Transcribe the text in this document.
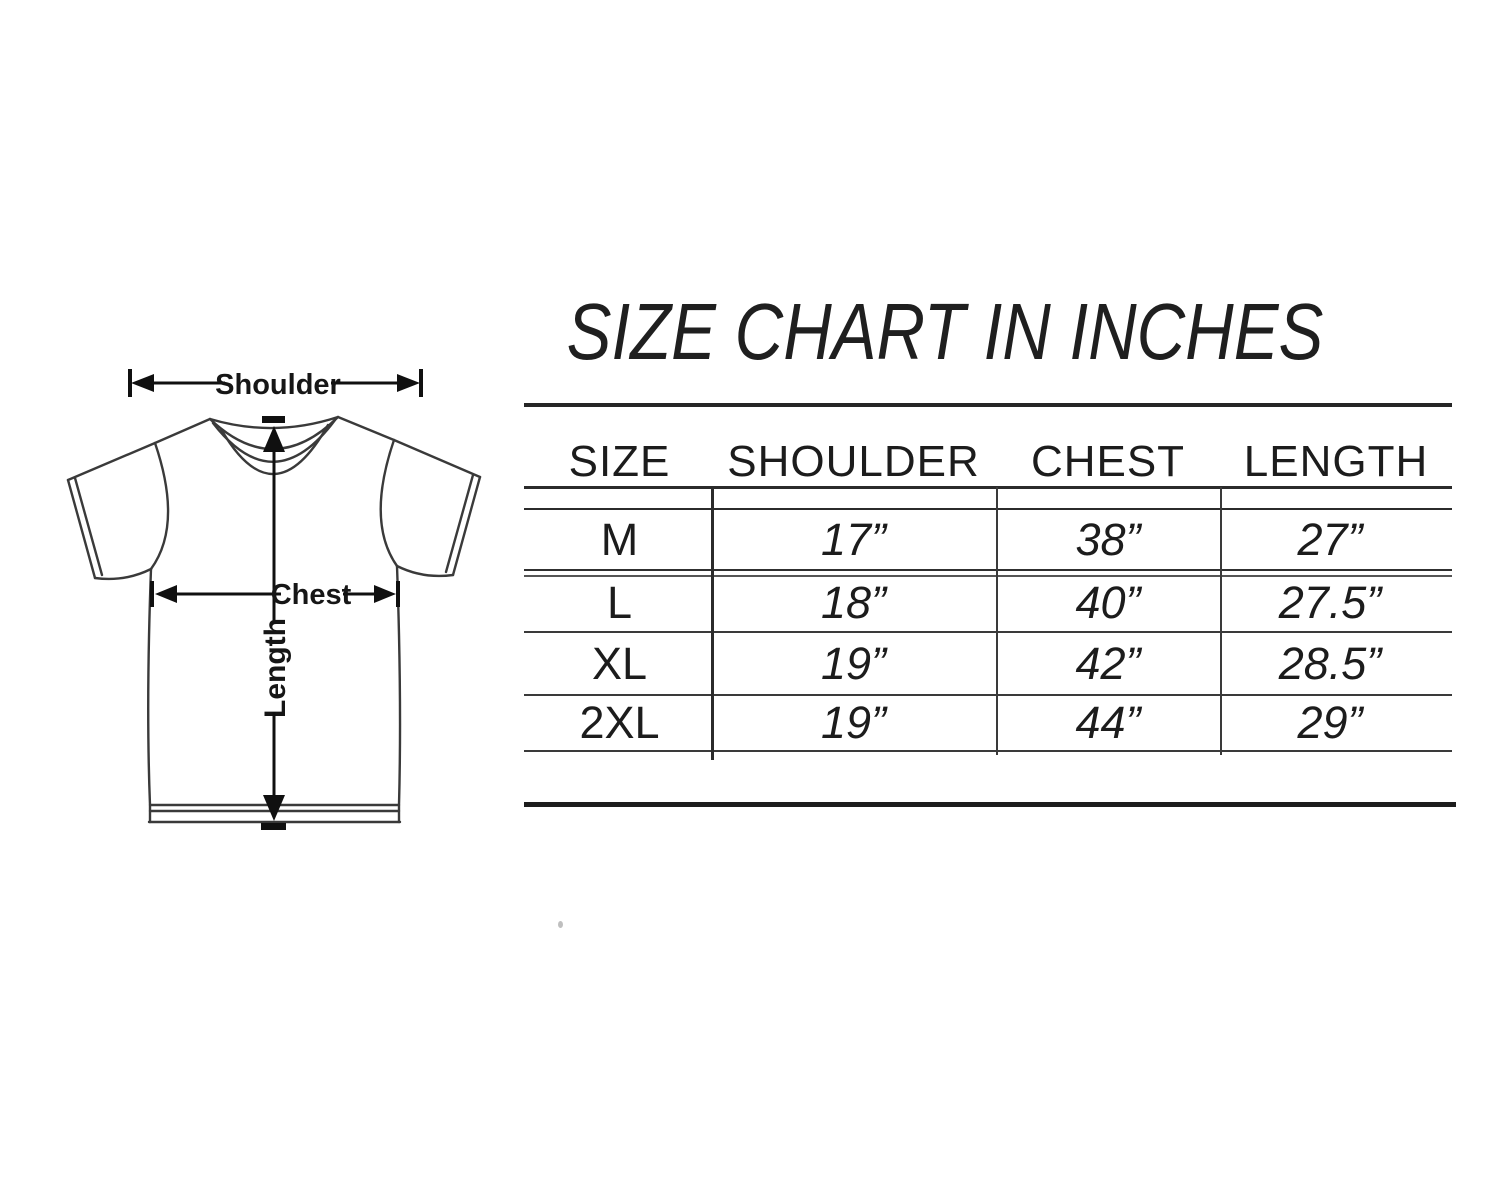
SIZE CHART IN INCHES
Shoulder
Length
Chest
SIZE	SHOULDER	CHEST	LENGTH
M	17”	38”	27”
L	18”	40”	27.5”
XL	19”	42”	28.5”
2XL	19”	44”	29”
